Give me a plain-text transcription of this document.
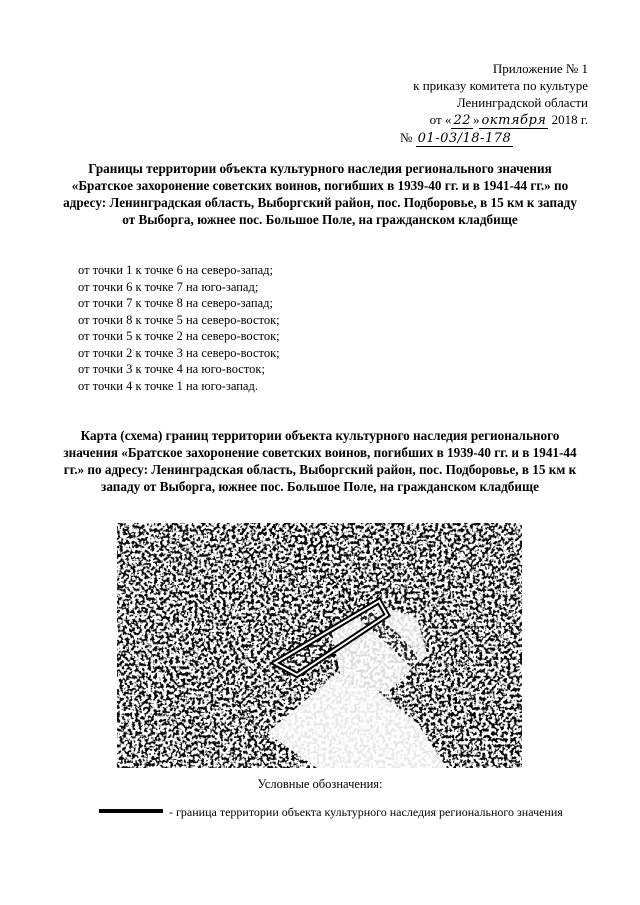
Приложение № 1
к приказу комитета по культуре
Ленинградской области
от « 22 » октября 2018 г.
№ 01-03/18-178
Границы территории объекта культурного наследия регионального значения «Братское захоронение советских воинов, погибших в 1939-40 гг. и в 1941-44 гг.» по адресу: Ленинградская область, Выборгский район, пос. Подборовье, в 15 км к западу от Выборга, южнее пос. Большое Поле, на гражданском кладбище
от точки 1 к точке 6 на северо-запад;
от точки 6 к точке 7 на юго-запад;
от точки 7 к точке 8 на северо-запад;
от точки 8 к точке 5 на северо-восток;
от точки 5 к точке 2 на северо-восток;
от точки 2 к точке 3 на северо-восток;
от точки 3 к точке 4 на юго-восток;
от точки 4 к точке 1 на юго-запад.
Карта (схема) границ территории объекта культурного наследия регионального значения «Братское захоронение советских воинов, погибших в 1939-40 гг. и в 1941-44 гг.» по адресу: Ленинградская область, Выборгский район, пос. Подборовье, в 15 км к западу от Выборга, южнее пос. Большое Поле, на гражданском кладбище
Условные обозначения:
- граница территории объекта культурного наследия регионального значения
